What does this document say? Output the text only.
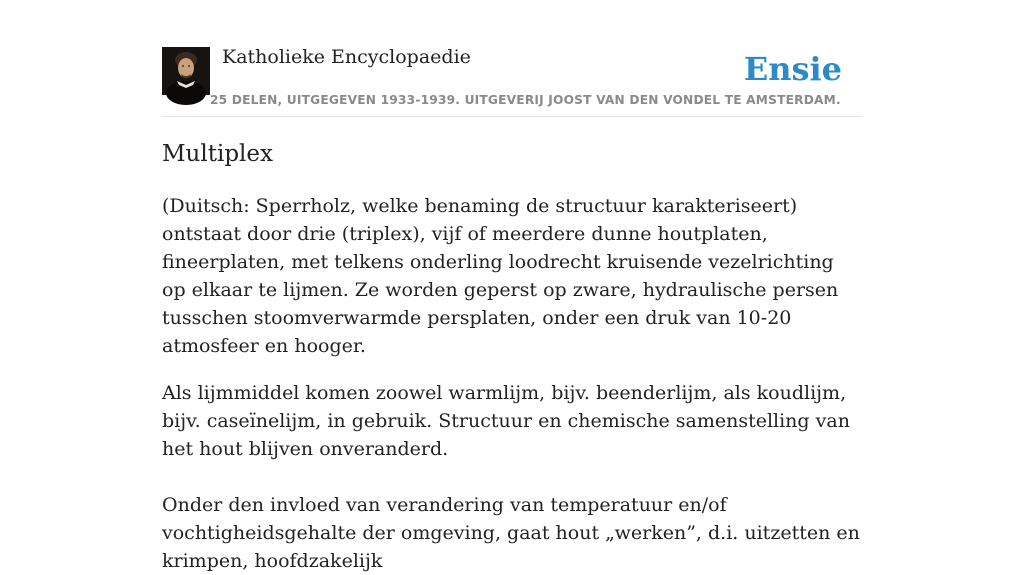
Katholieke Encyclopaedie
25 DELEN, UITGEGEVEN 1933-1939. UITGEVERIJ JOOST VAN DEN VONDEL TE AMSTERDAM.
Ensie
Multiplex

(Duitsch: Sperrholz, welke benaming de structuur karakteriseert) ontstaat door drie (triplex), vijf of meerdere dunne houtplaten, fineerplaten, met telkens onderling loodrecht kruisende vezelrichting op elkaar te lijmen. Ze worden geperst op zware, hydraulische persen tusschen stoomverwarmde persplaten, onder een druk van 10-20 atmosfeer en hooger.

Als lijmmiddel komen zoowel warmlijm, bijv. beenderlijm, als koudlijm, bijv. caseïnelijm, in gebruik. Structuur en chemische samenstelling van het hout blijven onveranderd.

Onder den invloed van verandering van temperatuur en/of vochtigheidsgehalte der omgeving, gaat hout „werken”, d.i. uitzetten en krimpen, hoofdzakelijk
